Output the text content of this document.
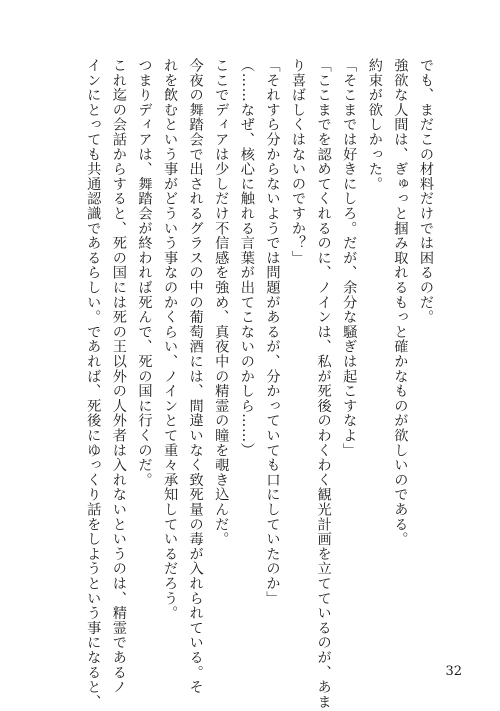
でも、まだこの材料だけでは困るのだ。
強欲な人間は、ぎゅっと掴み取れるもっと確かなものが欲しいのである。
約束が欲しかった。
「そこまでは好きにしろ。だが、余分な騒ぎは起こすなよ」
「ここまでを認めてくれるのに、ノインは、私が死後のわくわく観光計画を立てているのが、あま
り喜ばしくはないのですか？」
「それすら分からないようでは問題があるが、分かっていても口にしていたのか」
（……なぜ、核心に触れる言葉が出てこないのかしら……）
ここでディアは少しだけ不信感を強め、真夜中の精霊の瞳を覗き込んだ。
今夜の舞踏会で出されるグラスの中の葡萄酒には、間違いなく致死量の毒が入れられている。そ
れを飲むという事がどういう事なのかくらい、ノインとて重々承知しているだろう。
つまりディアは、舞踏会が終われば死んで、死の国に行くのだ。
これ迄の会話からすると、死の国には死の王以外の人外者は入れないというのは、精霊であるノ
インにとっても共通認識であるらしい。であれば、死後にゆっくり話をしようという事になると、	32
